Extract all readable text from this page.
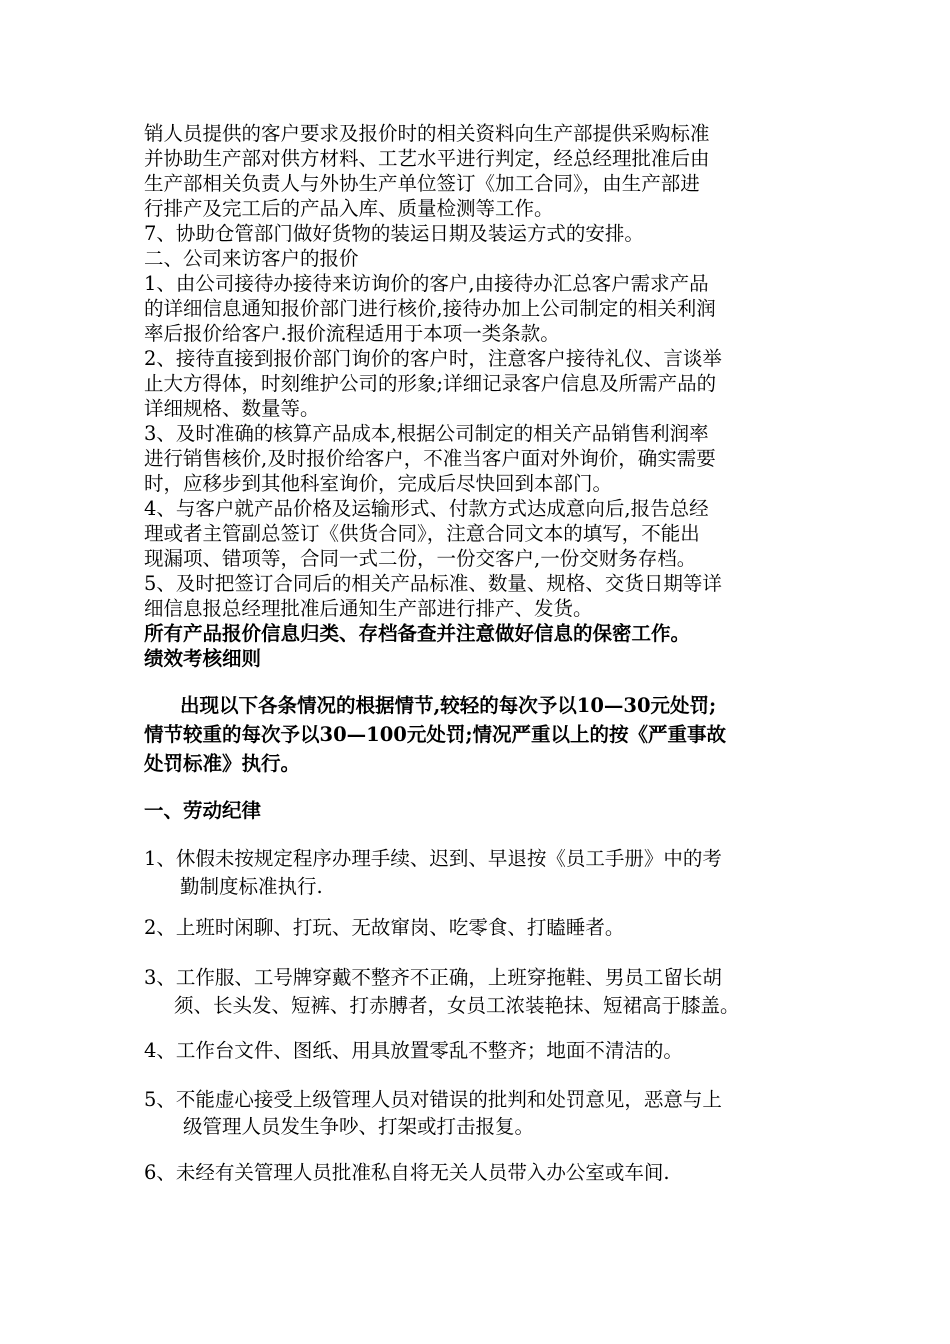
销人员提供的客户要求及报价时的相关资料向生产部提供采购标准

并协助生产部对供方材料、工艺水平进行判定，经总经理批准后由

生产部相关负责人与外协生产单位签订《加工合同》，由生产部进

行排产及完工后的产品入库、质量检测等工作。

7、协助仓管部门做好货物的装运日期及装运方式的安排。

二、公司来访客户的报价

1、由公司接待办接待来访询价的客户,由接待办汇总客户需求产品

的详细信息通知报价部门进行核价,接待办加上公司制定的相关利润

率后报价给客户.报价流程适用于本项一类条款。

2、接待直接到报价部门询价的客户时，注意客户接待礼仪、言谈举

止大方得体，时刻维护公司的形象;详细记录客户信息及所需产品的

详细规格、数量等。

3、及时准确的核算产品成本,根据公司制定的相关产品销售利润率

进行销售核价,及时报价给客户，不准当客户面对外询价，确实需要

时，应移步到其他科室询价，完成后尽快回到本部门。

4、与客户就产品价格及运输形式、付款方式达成意向后,报告总经

理或者主管副总签订《供货合同》，注意合同文本的填写，不能出

现漏项、错项等，合同一式二份，一份交客户,一份交财务存档。

5、及时把签订合同后的相关产品标准、数量、规格、交货日期等详

细信息报总经理批准后通知生产部进行排产、发货。

所有产品报价信息归类、存档备查并注意做好信息的保密工作。

绩效考核细则

出现以下各条情况的根据情节,较轻的每次予以10—30元处罚;

情节较重的每次予以30—100元处罚;情况严重以上的按《严重事故

处罚标准》执行。

一、劳动纪律

1、休假未按规定程序办理手续、迟到、早退按《员工手册》中的考

勤制度标准执行.

2、上班时闲聊、打玩、无故窜岗、吃零食、打瞌睡者。

3、工作服、工号牌穿戴不整齐不正确，上班穿拖鞋、男员工留长胡

须、长头发、短裤、打赤膊者，女员工浓装艳抹、短裙高于膝盖。

4、工作台文件、图纸、用具放置零乱不整齐；地面不清洁的。

5、不能虚心接受上级管理人员对错误的批判和处罚意见，恶意与上

级管理人员发生争吵、打架或打击报复。

6、未经有关管理人员批准私自将无关人员带入办公室或车间.
